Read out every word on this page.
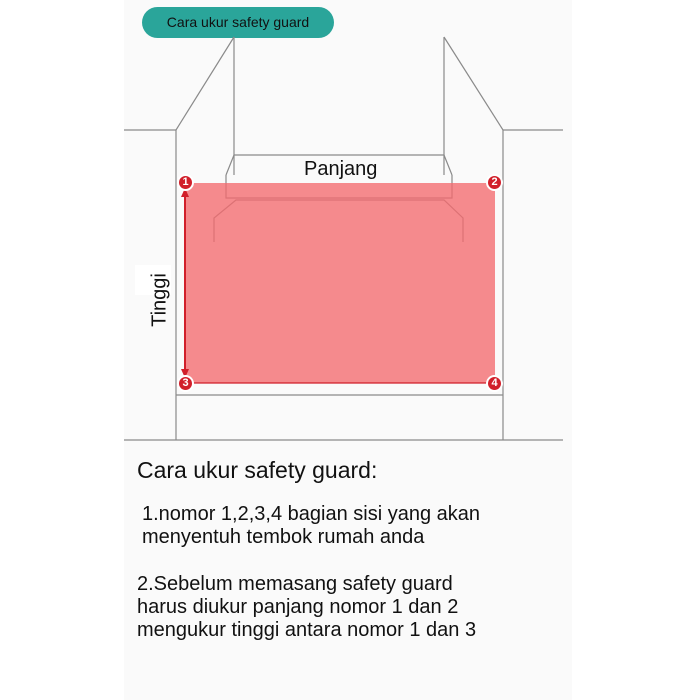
Cara ukur safety guard
Panjang
Tinggi
1	2
3	4
Cara ukur safety guard:
1.nomor 1,2,3,4 bagian sisi yang akan
menyentuh tembok rumah anda
2.Sebelum memasang safety guard
harus diukur panjang nomor 1 dan 2
mengukur tinggi antara nomor 1 dan 3
